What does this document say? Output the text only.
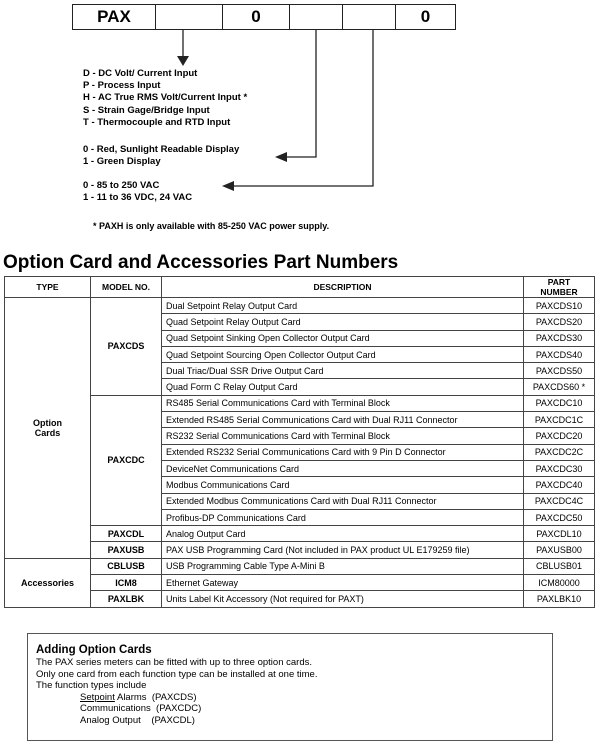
PAX	0	0
D - DC Volt/ Current Input
P - Process Input
H - AC True RMS Volt/Current Input *
S - Strain Gage/Bridge Input
T - Thermocouple and RTD Input
0 - Red, Sunlight Readable Display
1 - Green Display
0 - 85 to 250 VAC
1 - 11 to 36 VDC, 24 VAC
* PAXH is only available with 85-250 VAC power supply.
Option Card and Accessories Part Numbers
TYPE	MODEL NO.	DESCRIPTION	PART NUMBER

Option
Cards	PAXCDS	Dual Setpoint Relay Output Card	PAXCDS10
		Quad Setpoint Relay Output Card	PAXCDS20
		Quad Setpoint Sinking Open Collector Output Card	PAXCDS30
		Quad Setpoint Sourcing Open Collector Output Card	PAXCDS40
		Dual Triac/Dual SSR Drive Output Card	PAXCDS50
		Quad Form C Relay Output Card	PAXCDS60 *
	PAXCDC	RS485 Serial Communications Card with Terminal Block	PAXCDC10
		Extended RS485 Serial Communications Card with Dual RJ11 Connector	PAXCDC1C
		RS232 Serial Communications Card with Terminal Block	PAXCDC20
		Extended RS232 Serial Communications Card with 9 Pin D Connector	PAXCDC2C
		DeviceNet Communications Card	PAXCDC30
		Modbus Communications Card	PAXCDC40
		Extended Modbus Communications Card with Dual RJ11 Connector	PAXCDC4C
		Profibus-DP Communications Card	PAXCDC50
	PAXCDL	Analog Output Card	PAXCDL10
	PAXUSB	PAX USB Programming Card (Not included in PAX product UL E179259 file)	PAXUSB00
Accessories	CBLUSB	USB Programming Cable Type A-Mini B	CBLUSB01
	ICM8	Ethernet Gateway	ICM80000
	PAXLBK	Units Label Kit Accessory (Not required for PAXT)	PAXLBK10
Adding Option Cards
The PAX series meters can be fitted with up to three option cards.
Only one card from each function type can be installed at one time.
The function types include
Setpoint Alarms (PAXCDS)
Communications (PAXCDC)
Analog Output (PAXCDL)
